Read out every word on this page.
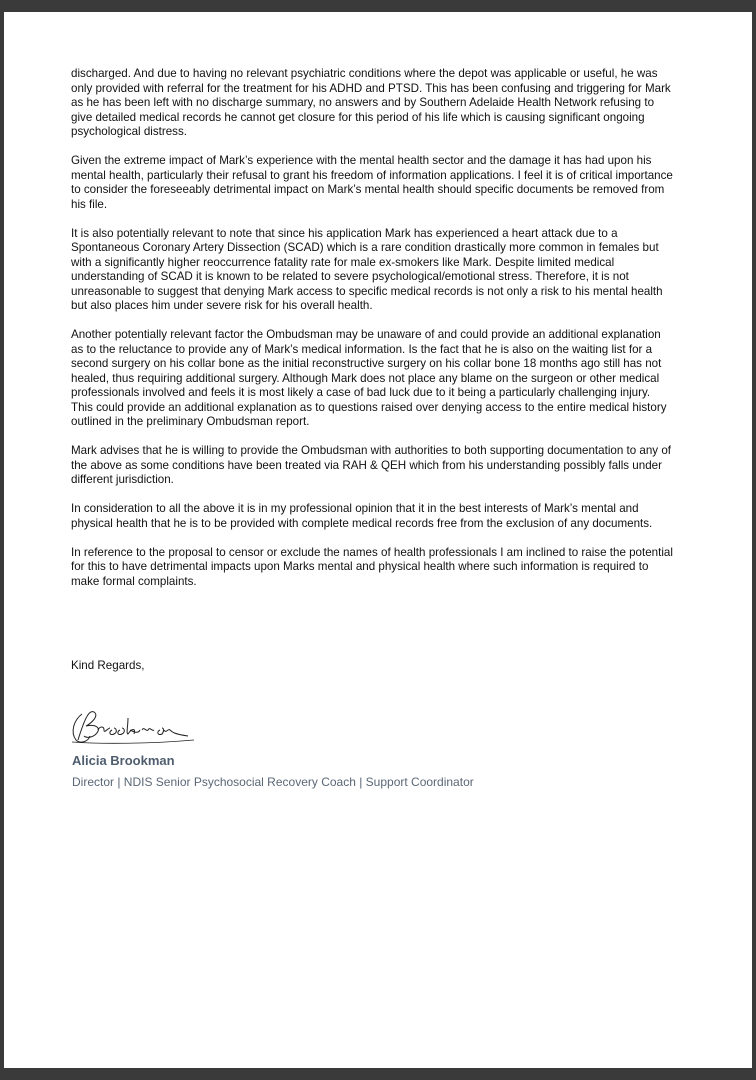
discharged. And due to having no relevant psychiatric conditions where the depot was applicable or useful, he was only provided with referral for the treatment for his ADHD and PTSD. This has been confusing and triggering for Mark as he has been left with no discharge summary, no answers and by Southern Adelaide Health Network refusing to give detailed medical records he cannot get closure for this period of his life which is causing significant ongoing psychological distress.

Given the extreme impact of Mark’s experience with the mental health sector and the damage it has had upon his mental health, particularly their refusal to grant his freedom of information applications. I feel it is of critical importance to consider the foreseeably detrimental impact on Mark’s mental health should specific documents be removed from his file.

It is also potentially relevant to note that since his application Mark has experienced a heart attack due to a Spontaneous Coronary Artery Dissection (SCAD) which is a rare condition drastically more common in females but with a significantly higher reoccurrence fatality rate for male ex-smokers like Mark. Despite limited medical understanding of SCAD it is known to be related to severe psychological/emotional stress. Therefore, it is not unreasonable to suggest that denying Mark access to specific medical records is not only a risk to his mental health but also places him under severe risk for his overall health.

Another potentially relevant factor the Ombudsman may be unaware of and could provide an additional explanation as to the reluctance to provide any of Mark’s medical information. Is the fact that he is also on the waiting list for a second surgery on his collar bone as the initial reconstructive surgery on his collar bone 18 months ago still has not healed, thus requiring additional surgery. Although Mark does not place any blame on the surgeon or other medical professionals involved and feels it is most likely a case of bad luck due to it being a particularly challenging injury. This could provide an additional explanation as to questions raised over denying access to the entire medical history outlined in the preliminary Ombudsman report.

Mark advises that he is willing to provide the Ombudsman with authorities to both supporting documentation to any of the above as some conditions have been treated via RAH & QEH which from his understanding possibly falls under different jurisdiction.

In consideration to all the above it is in my professional opinion that it in the best interests of Mark’s mental and physical health that he is to be provided with complete medical records free from the exclusion of any documents.

In reference to the proposal to censor or exclude the names of health professionals I am inclined to raise the potential for this to have detrimental impacts upon Marks mental and physical health where such information is required to make formal complaints.

Kind Regards,
Alicia Brookman
Director | NDIS Senior Psychosocial Recovery Coach | Support Coordinator
